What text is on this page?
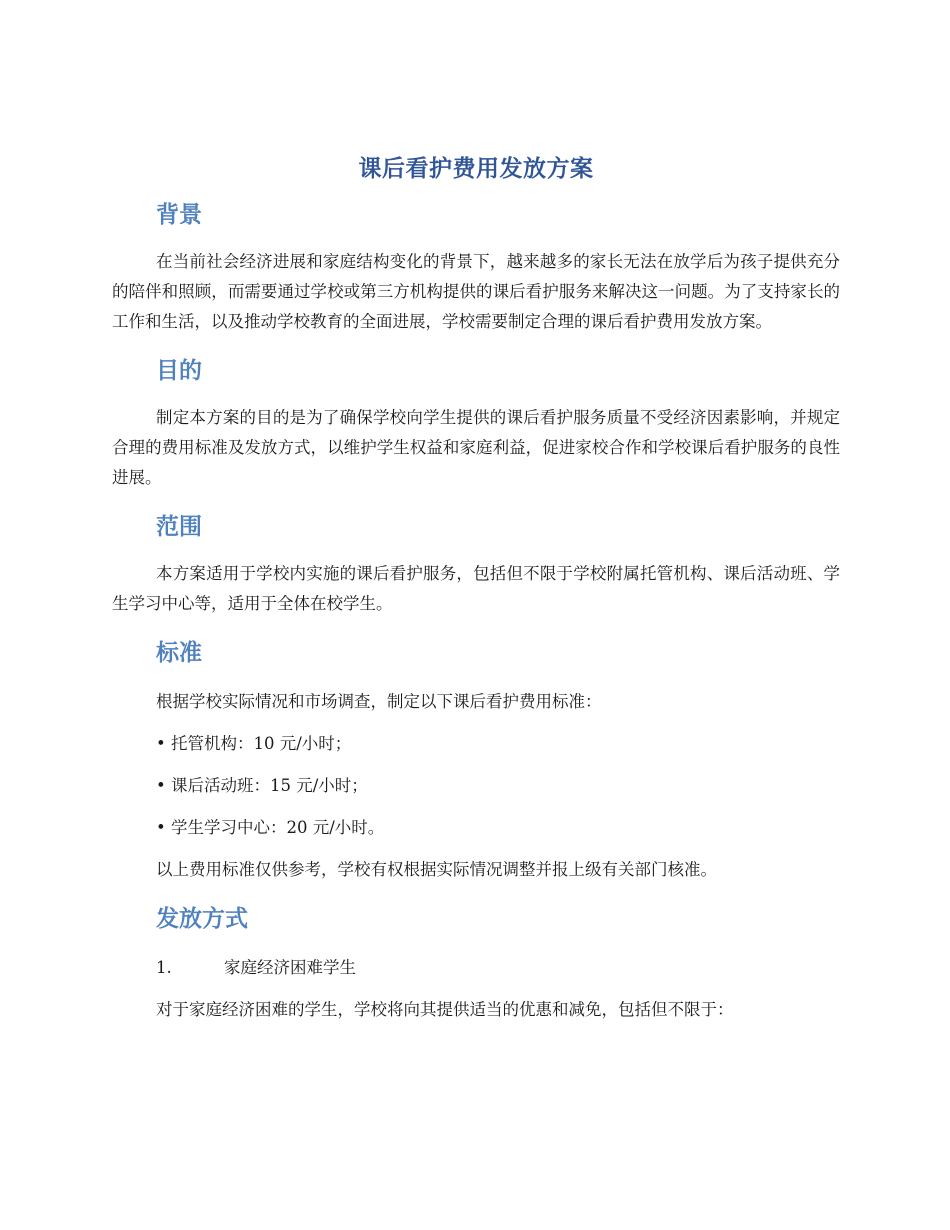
课后看护费用发放方案
背景
在当前社会经济进展和家庭结构变化的背景下，越来越多的家长无法在放学后为孩子提供充分的陪伴和照顾，而需要通过学校或第三方机构提供的课后看护服务来解决这一问题。为了支持家长的工作和生活，以及推动学校教育的全面进展，学校需要制定合理的课后看护费用发放方案。
目的
制定本方案的目的是为了确保学校向学生提供的课后看护服务质量不受经济因素影响，并规定合理的费用标准及发放方式，以维护学生权益和家庭利益，促进家校合作和学校课后看护服务的良性进展。
范围
本方案适用于学校内实施的课后看护服务，包括但不限于学校附属托管机构、课后活动班、学生学习中心等，适用于全体在校学生。
标准
根据学校实际情况和市场调查，制定以下课后看护费用标准：
• 托管机构：10 元/小时；
• 课后活动班：15 元/小时；
• 学生学习中心：20 元/小时。
以上费用标准仅供参考，学校有权根据实际情况调整并报上级有关部门核准。
发放方式
1.	家庭经济困难学生
对于家庭经济困难的学生，学校将向其提供适当的优惠和减免，包括但不限于：
